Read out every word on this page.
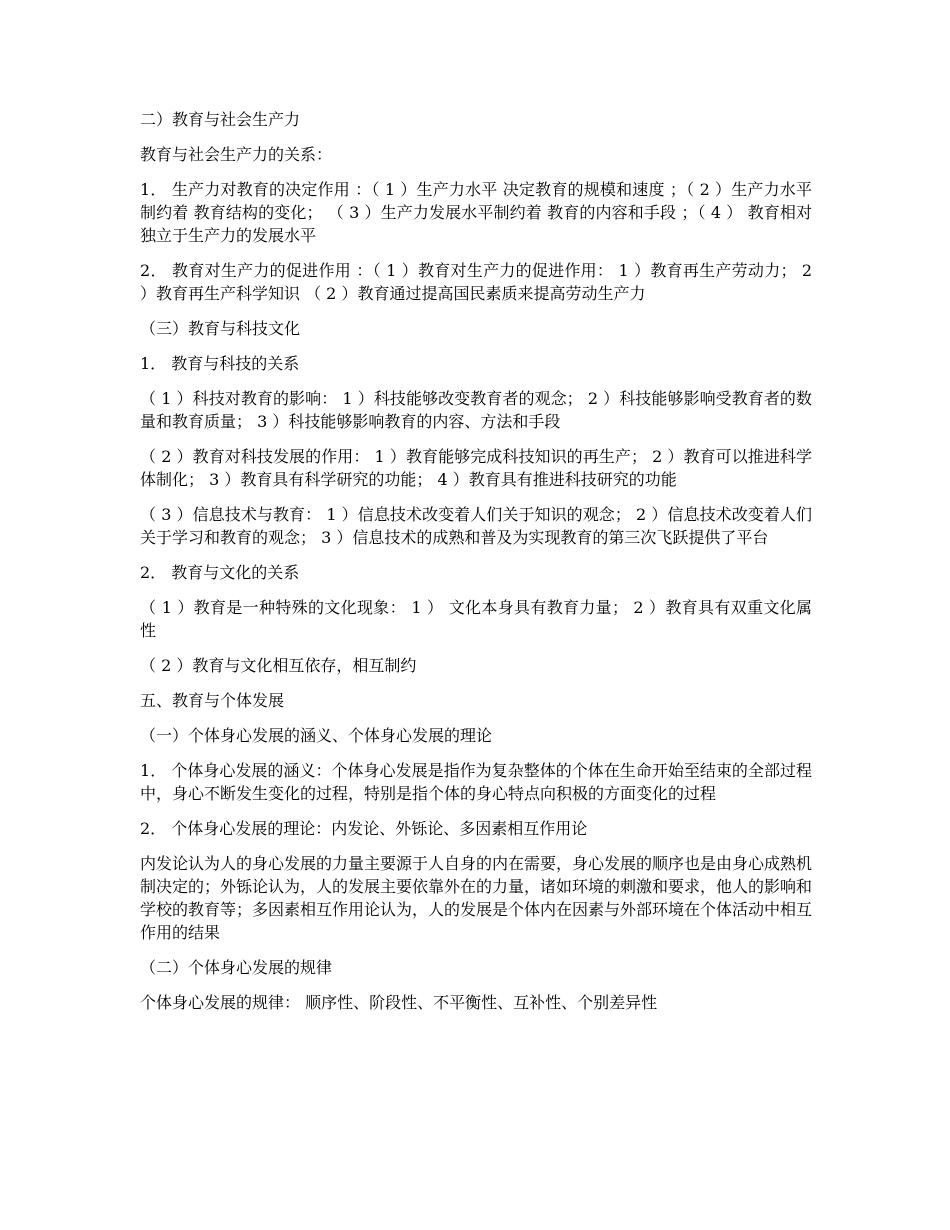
二）教育与社会生产力

教育与社会生产力的关系：

1． 生产力对教育的决定作用 ：（ 1 ）生产力水平 决定教育的规模和速度 ；（ 2 ）生产力水平制约着 教育结构的变化； （ 3 ）生产力发展水平制约着 教育的内容和手段 ；（ 4 ） 教育相对独立于生产力的发展水平

2． 教育对生产力的促进作用 ：（ 1 ）教育对生产力的促进作用： 1 ）教育再生产劳动力； 2 ）教育再生产科学知识 （ 2 ）教育通过提高国民素质来提高劳动生产力

（三）教育与科技文化

1． 教育与科技的关系

（ 1 ）科技对教育的影响： 1 ）科技能够改变教育者的观念； 2 ）科技能够影响受教育者的数量和教育质量； 3 ）科技能够影响教育的内容、方法和手段

（ 2 ）教育对科技发展的作用： 1 ）教育能够完成科技知识的再生产； 2 ）教育可以推进科学体制化； 3 ）教育具有科学研究的功能； 4 ）教育具有推进科技研究的功能

（ 3 ）信息技术与教育： 1 ）信息技术改变着人们关于知识的观念； 2 ）信息技术改变着人们关于学习和教育的观念； 3 ）信息技术的成熟和普及为实现教育的第三次飞跃提供了平台

2． 教育与文化的关系

（ 1 ）教育是一种特殊的文化现象： 1 ） 文化本身具有教育力量； 2 ）教育具有双重文化属性

（ 2 ）教育与文化相互依存，相互制约

五、教育与个体发展

（一）个体身心发展的涵义、个体身心发展的理论

1． 个体身心发展的涵义：个体身心发展是指作为复杂整体的个体在生命开始至结束的全部过程中，身心不断发生变化的过程，特别是指个体的身心特点向积极的方面变化的过程

2． 个体身心发展的理论：内发论、外铄论、多因素相互作用论

内发论认为人的身心发展的力量主要源于人自身的内在需要，身心发展的顺序也是由身心成熟机制决定的；外铄论认为，人的发展主要依靠外在的力量，诸如环境的刺激和要求，他人的影响和学校的教育等；多因素相互作用论认为，人的发展是个体内在因素与外部环境在个体活动中相互作用的结果

（二）个体身心发展的规律

个体身心发展的规律： 顺序性、阶段性、不平衡性、互补性、个别差异性
